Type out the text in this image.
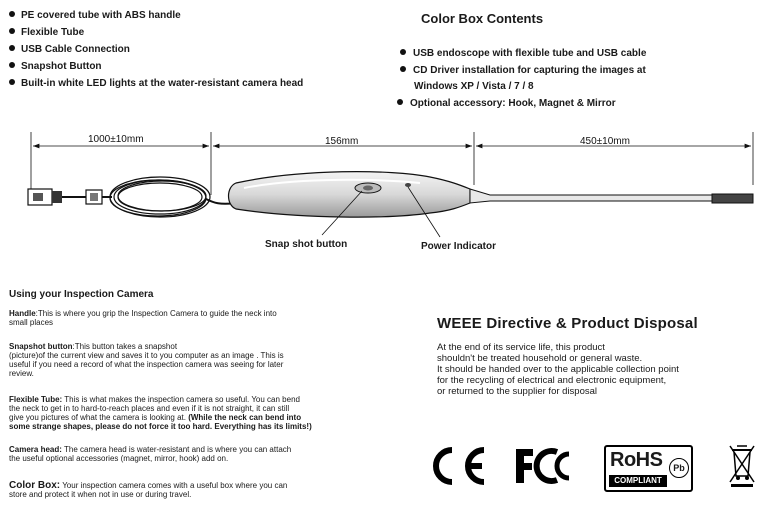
PE covered tube with ABS handle
Flexible Tube
USB Cable Connection
Snapshot Button
Built-in white LED lights at the water-resistant camera head
Color Box Contents
USB endoscope with flexible tube and USB cable
CD Driver installation for capturing the images at
Windows XP / Vista / 7 / 8
Optional accessory: Hook, Magnet & Mirror
1000±10mm	156mm	450±10mm
Snap shot button	Power Indicator
Using your Inspection Camera
Handle:This is where you grip the Inspection Camera to guide the neck into
small places
Snapshot button:This button takes a snapshot
(picture)of the current view and saves it to you computer as an image . This is
useful if you need a record of what the inspection camera was seeing for later
review.
Flexible Tube: This is what makes the inspection camera so useful. You can bend
the neck to get in to hard-to-reach places and even if it is not straight, it can still
give you pictures of what the camera is looking at. (While the neck can bend into
some strange shapes, please do not force it too hard. Everything has its limits!)
Camera head: The camera head is water-resistant and is where you can attach
the useful optional accessories (magnet, mirror, hook) add on.
Color Box: Your inspection camera comes with a useful box where you can
store and protect it when not in use or during travel.
WEEE Directive & Product Disposal
At the end of its service life, this product
shouldn't be treated household or general waste.
It should be handed over to the applicable collection point
for the recycling of electrical and electronic equipment,
or returned to the supplier for disposal
RoHS
COMPLIANT
Pb
